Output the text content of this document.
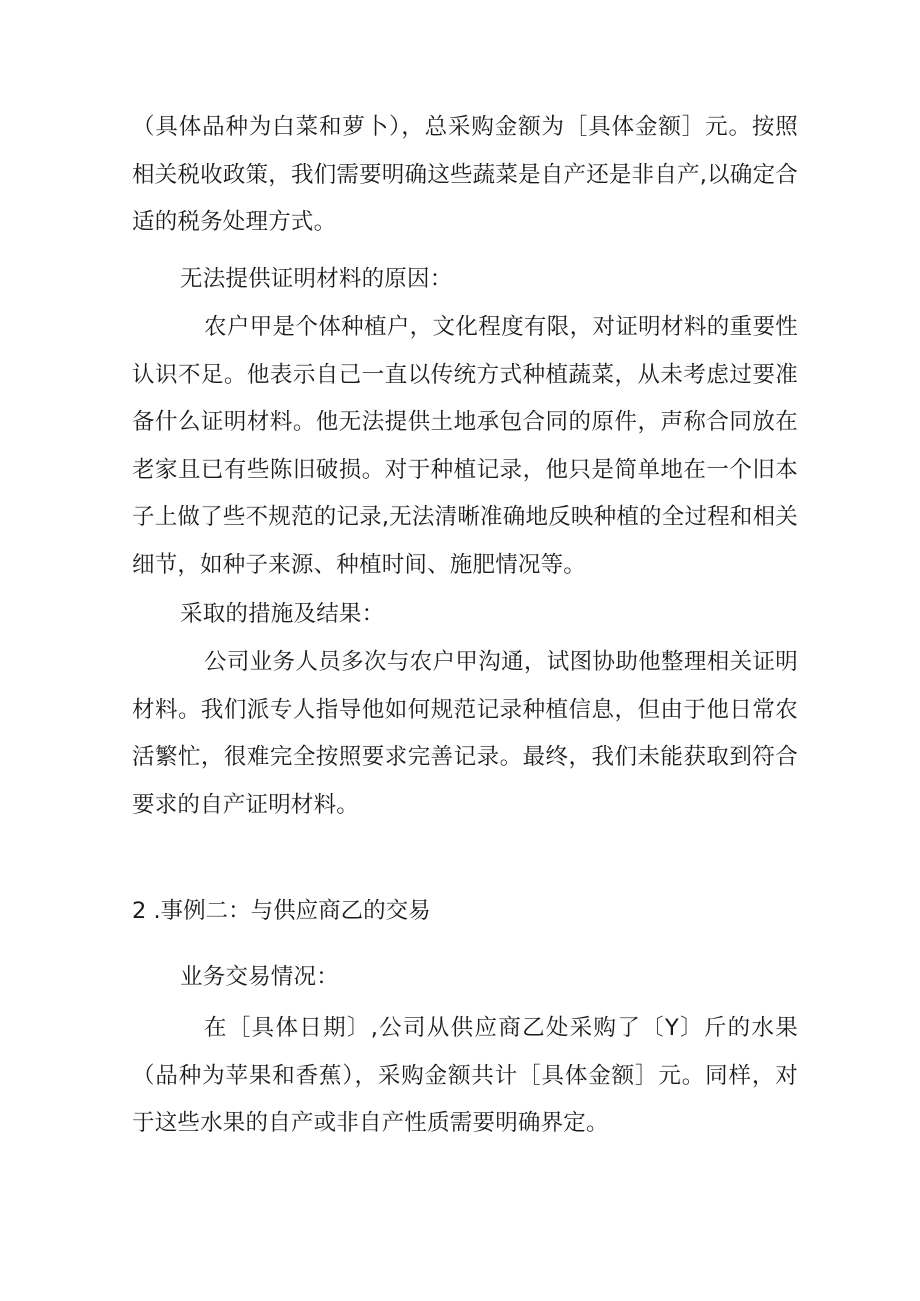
（具体品种为白菜和萝卜），总采购金额为［具体金额］元。按照相关税收政策，我们需要明确这些蔬菜是自产还是非自产,以确定合适的税务处理方式。

无法提供证明材料的原因：

农户甲是个体种植户，文化程度有限，对证明材料的重要性认识不足。他表示自己一直以传统方式种植蔬菜，从未考虑过要准备什么证明材料。他无法提供土地承包合同的原件，声称合同放在老家且已有些陈旧破损。对于种植记录，他只是简单地在一个旧本子上做了些不规范的记录,无法清晰准确地反映种植的全过程和相关细节，如种子来源、种植时间、施肥情况等。

采取的措施及结果：

公司业务人员多次与农户甲沟通，试图协助他整理相关证明材料。我们派专人指导他如何规范记录种植信息，但由于他日常农活繁忙，很难完全按照要求完善记录。最终，我们未能获取到符合要求的自产证明材料。

2 .事例二：与供应商乙的交易

业务交易情况：

在［具体日期〕,公司从供应商乙处采购了〔Y〕斤的水果（品种为苹果和香蕉），采购金额共计［具体金额］元。同样，对于这些水果的自产或非自产性质需要明确界定。
